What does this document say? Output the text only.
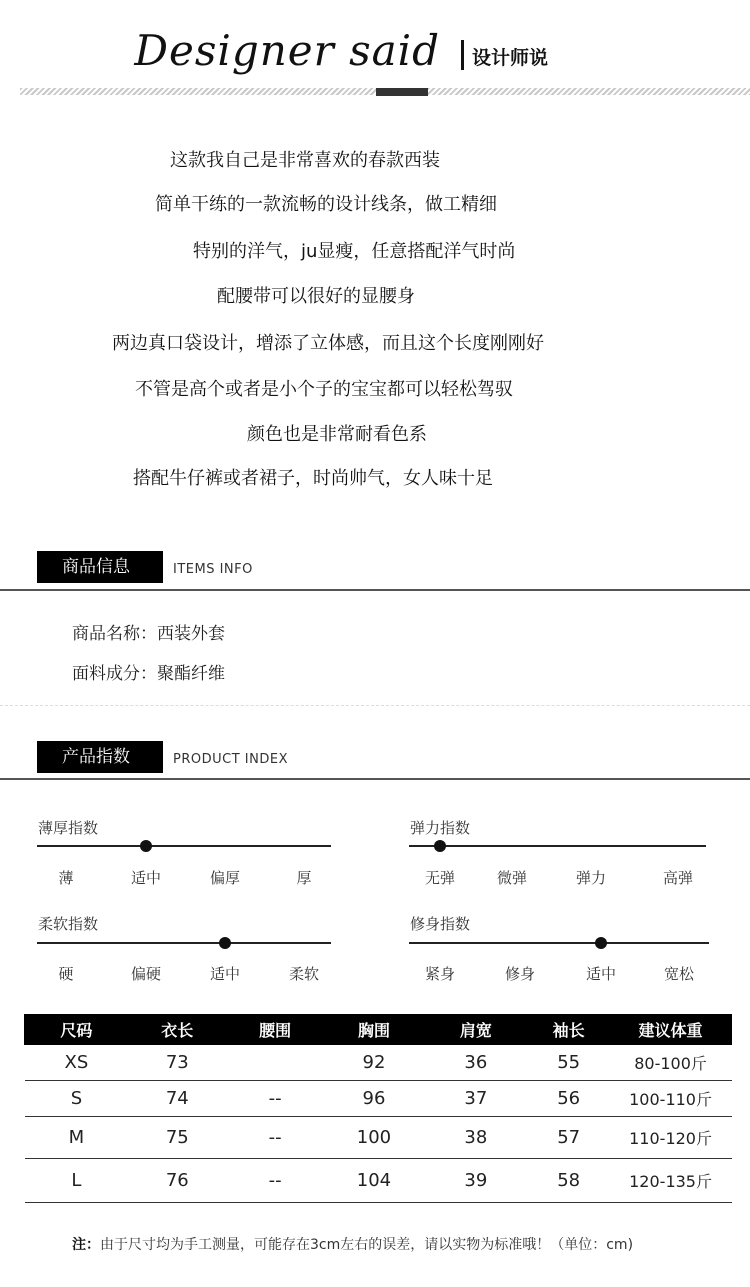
Designer said 设计师说
这款我自己是非常喜欢的春款西装
简单干练的一款流畅的设计线条，做工精细
特别的洋气，ju显瘦，任意搭配洋气时尚
配腰带可以很好的显腰身
两边真口袋设计，增添了立体感，而且这个长度刚刚好
不管是高个或者是小个子的宝宝都可以轻松驾驭
颜色也是非常耐看色系
搭配牛仔裤或者裙子，时尚帅气，女人味十足
商品信息	ITEMS INFO
商品名称：西装外套
面料成分：聚酯纤维
产品指数	PRODUCT INDEX
薄厚指数
薄	适中	偏厚	厚
弹力指数
无弹	微弹	弹力	高弹
柔软指数
硬	偏硬	适中	柔软
修身指数
紧身	修身	适中	宽松
尺码	衣长	腰围	胸围	肩宽	袖长	建议体重
XS	73		92	36	55	80-100斤
S	74	--	96	37	56	100-110斤
M	75	--	100	38	57	110-120斤
L	76	--	104	39	58	120-135斤
注：由于尺寸均为手工测量，可能存在3cm左右的误差，请以实物为标准哦！（单位：cm)
